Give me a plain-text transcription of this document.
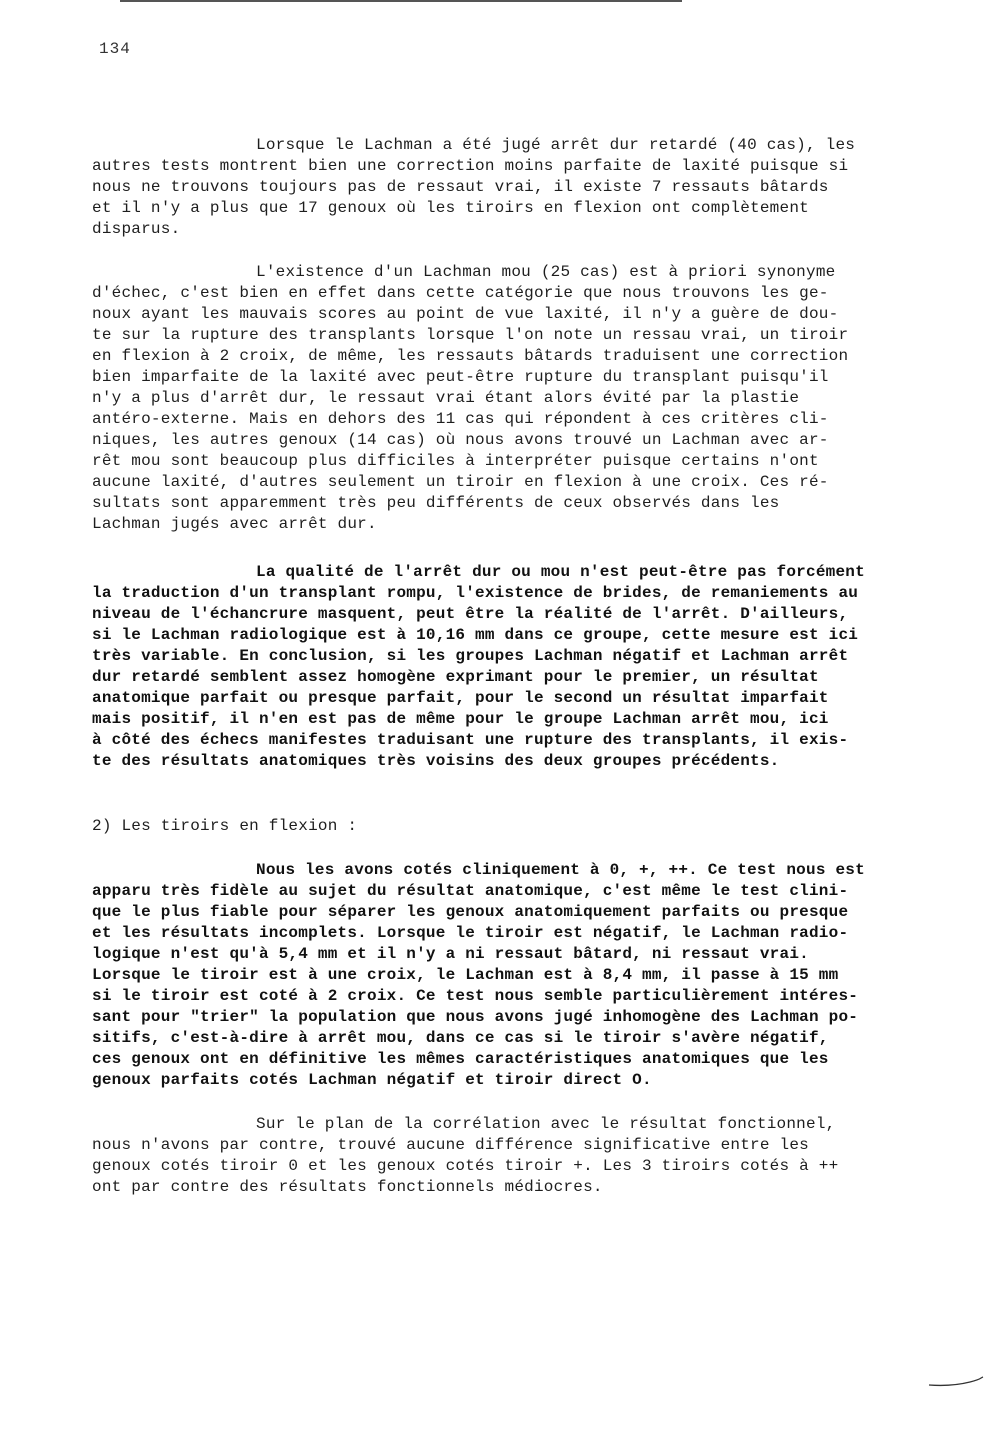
134
Lorsque le Lachman a été jugé arrêt dur retardé (40 cas), les
autres tests montrent bien une correction moins parfaite de laxité puisque si
nous ne trouvons toujours pas de ressaut vrai, il existe 7 ressauts bâtards
et il n'y a plus que 17 genoux où les tiroirs en flexion ont complètement
disparus.
L'existence d'un Lachman mou (25 cas) est à priori synonyme
d'échec, c'est bien en effet dans cette catégorie que nous trouvons les ge-
noux ayant les mauvais scores au point de vue laxité, il n'y a guère de dou-
te sur la rupture des transplants lorsque l'on note un ressau vrai, un tiroir
en flexion à 2 croix, de même, les ressauts bâtards traduisent une correction
bien imparfaite de la laxité avec peut-être rupture du transplant puisqu'il
n'y a plus d'arrêt dur, le ressaut vrai étant alors évité par la plastie
antéro-externe. Mais en dehors des 11 cas qui répondent à ces critères cli-
niques, les autres genoux (14 cas) où nous avons trouvé un Lachman avec ar-
rêt mou sont beaucoup plus difficiles à interpréter puisque certains n'ont
aucune laxité, d'autres seulement un tiroir en flexion à une croix. Ces ré-
sultats sont apparemment très peu différents de ceux observés dans les
Lachman jugés avec arrêt dur.
La qualité de l'arrêt dur ou mou n'est peut-être pas forcément
la traduction d'un transplant rompu, l'existence de brides, de remaniements au
niveau de l'échancrure masquent, peut être la réalité de l'arrêt. D'ailleurs,
si le Lachman radiologique est à 10,16 mm dans ce groupe, cette mesure est ici
très variable. En conclusion, si les groupes Lachman négatif et Lachman arrêt
dur retardé semblent assez homogène exprimant pour le premier, un résultat
anatomique parfait ou presque parfait, pour le second un résultat imparfait
mais positif, il n'en est pas de même pour le groupe Lachman arrêt mou, ici
à côté des échecs manifestes traduisant une rupture des transplants, il exis-
te des résultats anatomiques très voisins des deux groupes précédents.
2) Les tiroirs en flexion :
Nous les avons cotés cliniquement à 0, +, ++. Ce test nous est
apparu très fidèle au sujet du résultat anatomique, c'est même le test clini-
que le plus fiable pour séparer les genoux anatomiquement parfaits ou presque
et les résultats incomplets. Lorsque le tiroir est négatif, le Lachman radio-
logique n'est qu'à 5,4 mm et il n'y a ni ressaut bâtard, ni ressaut vrai.
Lorsque le tiroir est à une croix, le Lachman est à 8,4 mm, il passe à 15 mm
si le tiroir est coté à 2 croix. Ce test nous semble particulièrement intéres-
sant pour "trier" la population que nous avons jugé inhomogène des Lachman po-
sitifs, c'est-à-dire à arrêt mou, dans ce cas si le tiroir s'avère négatif,
ces genoux ont en définitive les mêmes caractéristiques anatomiques que les
genoux parfaits cotés Lachman négatif et tiroir direct O.
Sur le plan de la corrélation avec le résultat fonctionnel,
nous n'avons par contre, trouvé aucune différence significative entre les
genoux cotés tiroir 0 et les genoux cotés tiroir +. Les 3 tiroirs cotés à ++
ont par contre des résultats fonctionnels médiocres.
